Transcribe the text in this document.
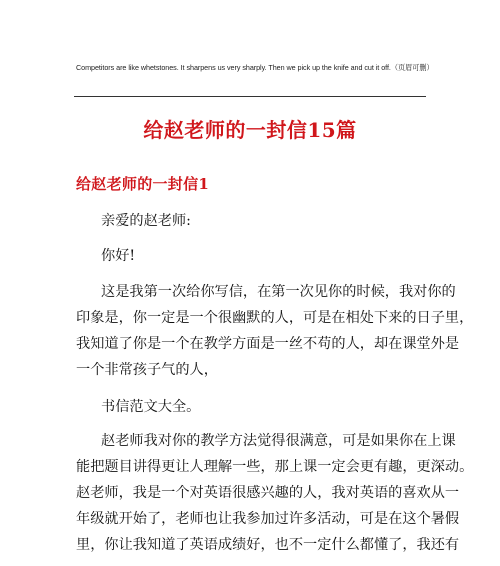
Competitors are like whetstones. It sharpens us very sharply. Then we pick up the knife and cut it off.（页眉可删）
给赵老师的一封信15篇
给赵老师的一封信1
亲爱的赵老师:
你好!
这是我第一次给你写信，在第一次见你的时候，我对你的
印象是，你一定是一个很幽默的人，可是在相处下来的日子里，
我知道了你是一个在教学方面是一丝不苟的人，却在课堂外是
一个非常孩子气的人，
书信范文大全。
赵老师我对你的教学方法觉得很满意，可是如果你在上课
能把题目讲得更让人理解一些，那上课一定会更有趣，更深动。
赵老师，我是一个对英语很感兴趣的人，我对英语的喜欢从一
年级就开始了，老师也让我参加过许多活动，可是在这个暑假
里，你让我知道了英语成绩好，也不一定什么都懂了，我还有
